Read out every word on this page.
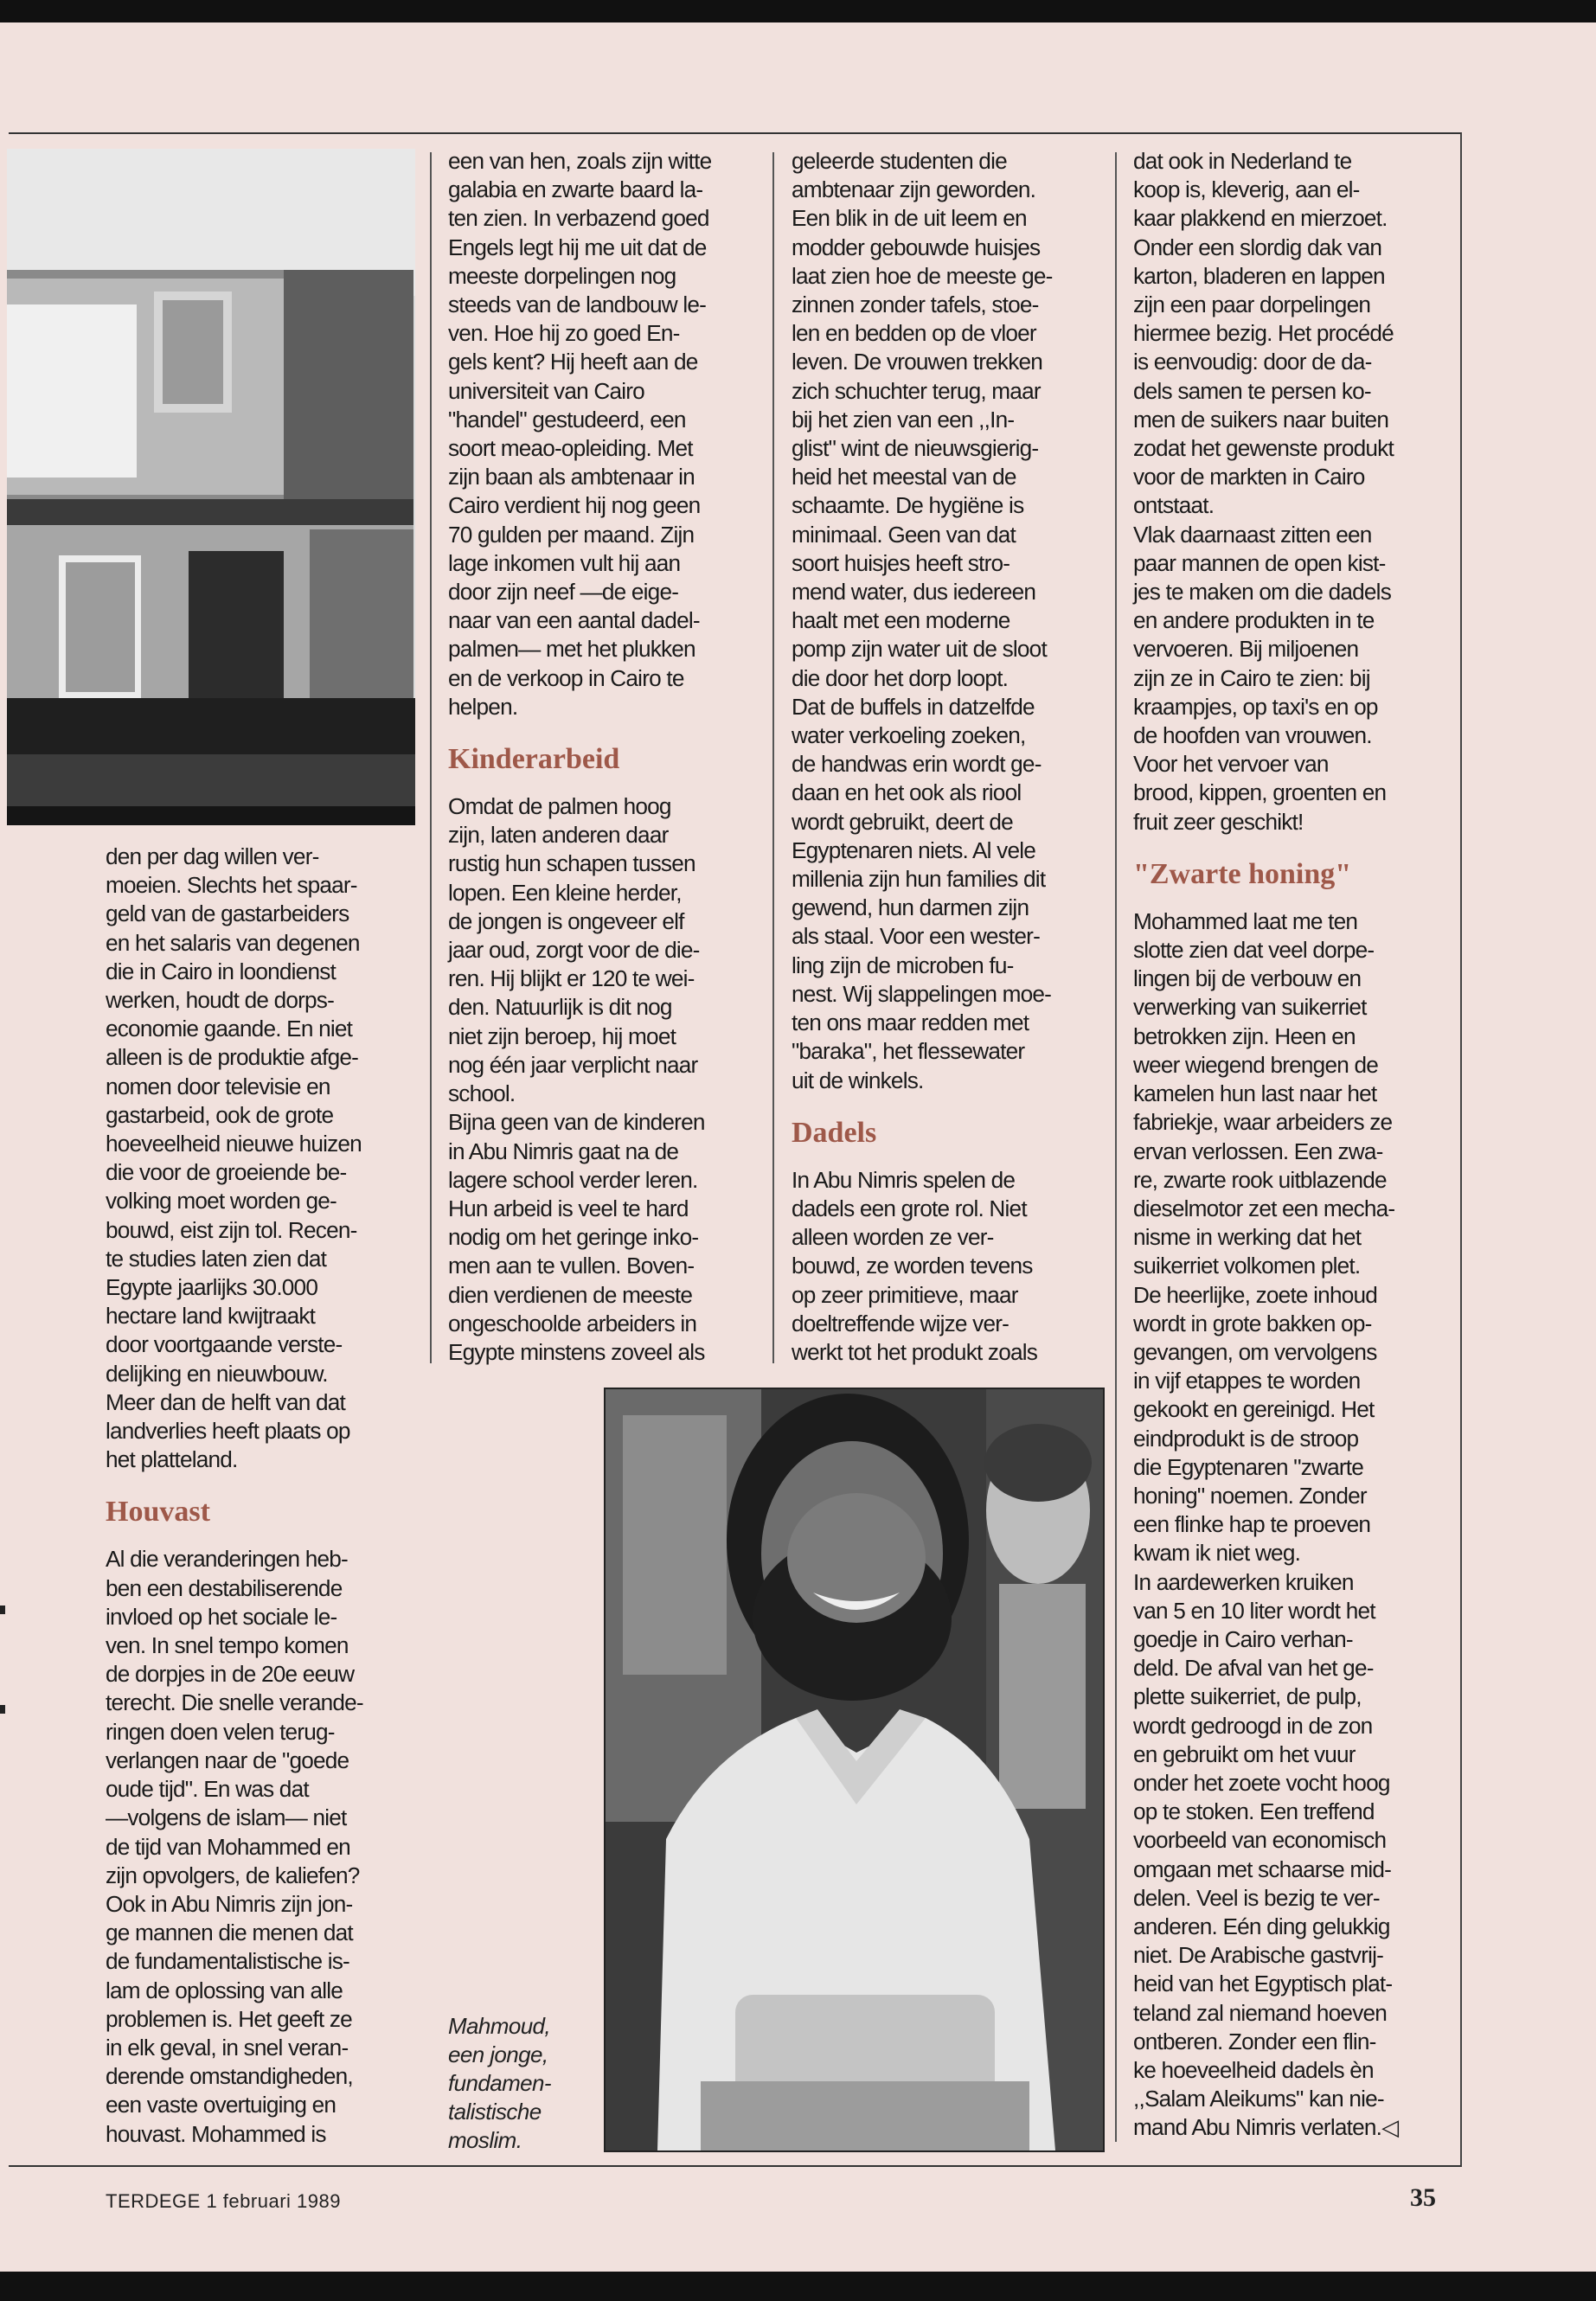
den per dag willen ver-
moeien. Slechts het spaar-
geld van de gastarbeiders
en het salaris van degenen
die in Cairo in loondienst
werken, houdt de dorps-
economie gaande. En niet
alleen is de produktie afge-
nomen door televisie en
gastarbeid, ook de grote
hoeveelheid nieuwe huizen
die voor de groeiende be-
volking moet worden ge-
bouwd, eist zijn tol. Recen-
te studies laten zien dat
Egypte jaarlijks 30.000
hectare land kwijtraakt
door voortgaande verste-
delijking en nieuwbouw.
Meer dan de helft van dat
landverlies heeft plaats op
het platteland.

Houvast

Al die veranderingen heb-
ben een destabiliserende
invloed op het sociale le-
ven. In snel tempo komen
de dorpjes in de 20e eeuw
terecht. Die snelle verande-
ringen doen velen terug-
verlangen naar de "goede
oude tijd". En was dat
—volgens de islam— niet
de tijd van Mohammed en
zijn opvolgers, de kaliefen?
Ook in Abu Nimris zijn jon-
ge mannen die menen dat
de fundamentalistische is-
lam de oplossing van alle
problemen is. Het geeft ze
in elk geval, in snel veran-
derende omstandigheden,
een vaste overtuiging en
houvast. Mohammed is

een van hen, zoals zijn witte
galabia en zwarte baard la-
ten zien. In verbazend goed
Engels legt hij me uit dat de
meeste dorpelingen nog
steeds van de landbouw le-
ven. Hoe hij zo goed En-
gels kent? Hij heeft aan de
universiteit van Cairo
"handel" gestudeerd, een
soort meao-opleiding. Met
zijn baan als ambtenaar in
Cairo verdient hij nog geen
70 gulden per maand. Zijn
lage inkomen vult hij aan
door zijn neef —de eige-
naar van een aantal dadel-
palmen— met het plukken
en de verkoop in Cairo te
helpen.

Kinderarbeid

Omdat de palmen hoog
zijn, laten anderen daar
rustig hun schapen tussen
lopen. Een kleine herder,
de jongen is ongeveer elf
jaar oud, zorgt voor de die-
ren. Hij blijkt er 120 te wei-
den. Natuurlijk is dit nog
niet zijn beroep, hij moet
nog één jaar verplicht naar
school.

Bijna geen van de kinderen
in Abu Nimris gaat na de
lagere school verder leren.
Hun arbeid is veel te hard
nodig om het geringe inko-
men aan te vullen. Boven-
dien verdienen de meeste
ongeschoolde arbeiders in
Egypte minstens zoveel als

geleerde studenten die
ambtenaar zijn geworden.
Een blik in de uit leem en
modder gebouwde huisjes
laat zien hoe de meeste ge-
zinnen zonder tafels, stoe-
len en bedden op de vloer
leven. De vrouwen trekken
zich schuchter terug, maar
bij het zien van een ,,In-
glist" wint de nieuwsgierig-
heid het meestal van de
schaamte. De hygiëne is
minimaal. Geen van dat
soort huisjes heeft stro-
mend water, dus iedereen
haalt met een moderne
pomp zijn water uit de sloot
die door het dorp loopt.

Dat de buffels in datzelfde
water verkoeling zoeken,
de handwas erin wordt ge-
daan en het ook als riool
wordt gebruikt, deert de
Egyptenaren niets. Al vele
millenia zijn hun families dit
gewend, hun darmen zijn
als staal. Voor een wester-
ling zijn de microben fu-
nest. Wij slappelingen moe-
ten ons maar redden met
"baraka", het flessewater
uit de winkels.

Dadels

In Abu Nimris spelen de
dadels een grote rol. Niet
alleen worden ze ver-
bouwd, ze worden tevens
op zeer primitieve, maar
doeltreffende wijze ver-
werkt tot het produkt zoals

dat ook in Nederland te
koop is, kleverig, aan el-
kaar plakkend en mierzoet.
Onder een slordig dak van
karton, bladeren en lappen
zijn een paar dorpelingen
hiermee bezig. Het procédé
is eenvoudig: door de da-
dels samen te persen ko-
men de suikers naar buiten
zodat het gewenste produkt
voor de markten in Cairo
ontstaat.

Vlak daarnaast zitten een
paar mannen de open kist-
jes te maken om die dadels
en andere produkten in te
vervoeren. Bij miljoenen
zijn ze in Cairo te zien: bij
kraampjes, op taxi's en op
de hoofden van vrouwen.
Voor het vervoer van
brood, kippen, groenten en
fruit zeer geschikt!

"Zwarte honing"

Mohammed laat me ten
slotte zien dat veel dorpe-
lingen bij de verbouw en
verwerking van suikerriet
betrokken zijn. Heen en
weer wiegend brengen de
kamelen hun last naar het
fabriekje, waar arbeiders ze
ervan verlossen. Een zwa-
re, zwarte rook uitblazende
dieselmotor zet een mecha-
nisme in werking dat het
suikerriet volkomen plet.

De heerlijke, zoete inhoud
wordt in grote bakken op-
gevangen, om vervolgens
in vijf etappes te worden
gekookt en gereinigd. Het
eindprodukt is de stroop
die Egyptenaren "zwarte
honing" noemen. Zonder
een flinke hap te proeven
kwam ik niet weg.

In aardewerken kruiken
van 5 en 10 liter wordt het
goedje in Cairo verhan-
deld. De afval van het ge-
plette suikerriet, de pulp,
wordt gedroogd in de zon
en gebruikt om het vuur
onder het zoete vocht hoog
op te stoken. Een treffend
voorbeeld van economisch
omgaan met schaarse mid-
delen. Veel is bezig te ver-
anderen. Eén ding gelukkig
niet. De Arabische gastvrij-
heid van het Egyptisch plat-
teland zal niemand hoeven
ontberen. Zonder een flin-
ke hoeveelheid dadels èn
,,Salam Aleikums" kan nie-
mand Abu Nimris verlaten.◁

Mahmoud,
een jonge,
fundamen-
talistische
moslim.
TERDEGE 1 februari 1989	35
